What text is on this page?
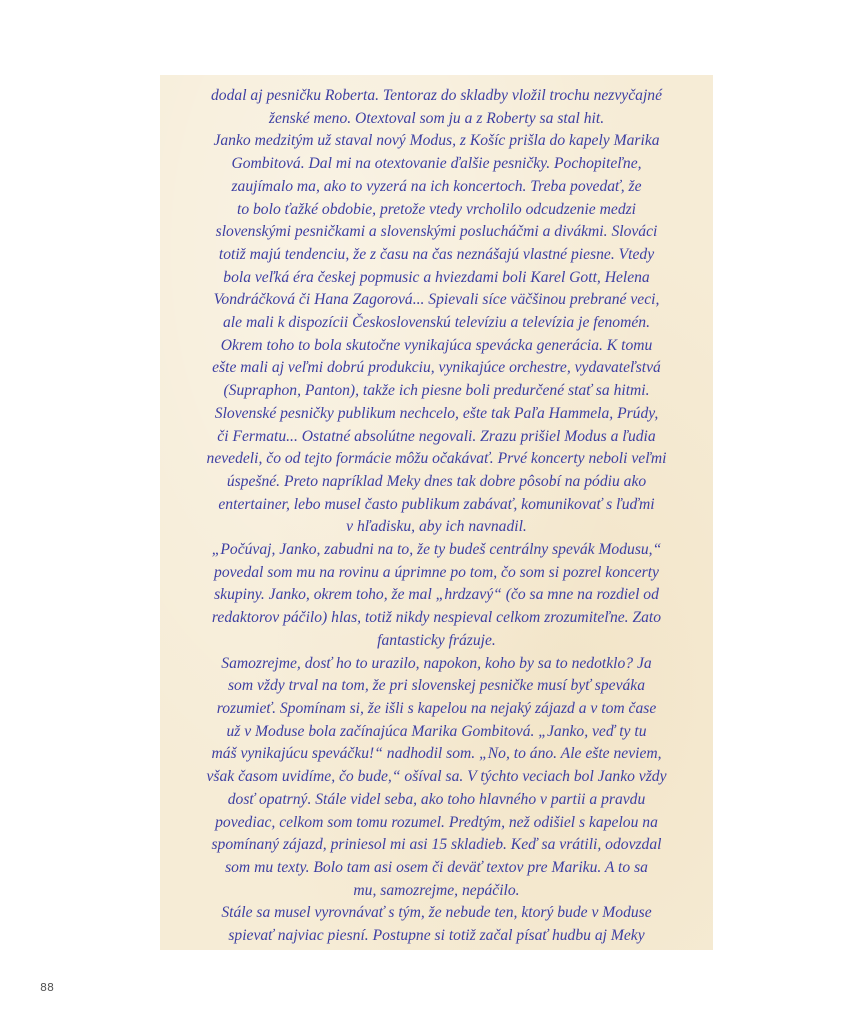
dodal aj pesničku Roberta. Tentoraz do skladby vložil trochu nezvyčajné
ženské meno. Otextoval som ju a z Roberty sa stal hit.
Janko medzitým už staval nový Modus, z Košíc prišla do kapely Marika
Gombitová. Dal mi na otextovanie ďalšie pesničky. Pochopiteľne,
zaujímalo ma, ako to vyzerá na ich koncertoch. Treba povedať, že
to bolo ťažké obdobie, pretože vtedy vrcholilo odcudzenie medzi
slovenskými pesničkami a slovenskými poslucháčmi a divákmi. Slováci
totiž majú tendenciu, že z času na čas neznášajú vlastné piesne. Vtedy
bola veľká éra českej popmusic a hviezdami boli Karel Gott, Helena
Vondráčková či Hana Zagorová... Spievali síce väčšinou prebrané veci,
ale mali k dispozícii Československú televíziu a televízia je fenomén.
Okrem toho to bola skutočne vynikajúca spevácka generácia. K tomu
ešte mali aj veľmi dobrú produkciu, vynikajúce orchestre, vydavateľstvá
(Supraphon, Panton), takže ich piesne boli predurčené stať sa hitmi.
Slovenské pesničky publikum nechcelo, ešte tak Paľa Hammela, Prúdy,
či Fermatu... Ostatné absolútne negovali. Zrazu prišiel Modus a ľudia
nevedeli, čo od tejto formácie môžu očakávať. Prvé koncerty neboli veľmi
úspešné. Preto napríklad Meky dnes tak dobre pôsobí na pódiu ako
entertainer, lebo musel často publikum zabávať, komunikovať s ľuďmi
v hľadisku, aby ich navnadil.
„Počúvaj, Janko, zabudni na to, že ty budeš centrálny spevák Modusu,“
povedal som mu na rovinu a úprimne po tom, čo som si pozrel koncerty
skupiny. Janko, okrem toho, že mal „hrdzavý“ (čo sa mne na rozdiel od
redaktorov páčilo) hlas, totiž nikdy nespieval celkom zrozumiteľne. Zato
fantasticky frázuje.
Samozrejme, dosť ho to urazilo, napokon, koho by sa to nedotklo? Ja
som vždy trval na tom, že pri slovenskej pesničke musí byť speváka
rozumieť. Spomínam si, že išli s kapelou na nejaký zájazd a v tom čase
už v Moduse bola začínajúca Marika Gombitová. „Janko, veď ty tu
máš vynikajúcu speváčku!“ nadhodil som. „No, to áno. Ale ešte neviem,
však časom uvidíme, čo bude,“ ošíval sa. V týchto veciach bol Janko vždy
dosť opatrný. Stále videl seba, ako toho hlavného v partii a pravdu
povediac, celkom som tomu rozumel. Predtým, než odišiel s kapelou na
spomínaný zájazd, priniesol mi asi 15 skladieb. Keď sa vrátili, odovzdal
som mu texty. Bolo tam asi osem či deväť textov pre Mariku. A to sa
mu, samozrejme, nepáčilo.
Stále sa musel vyrovnávať s tým, že nebude ten, ktorý bude v Moduse
spievať najviac piesní. Postupne si totiž začal písať hudbu aj Meky
88
